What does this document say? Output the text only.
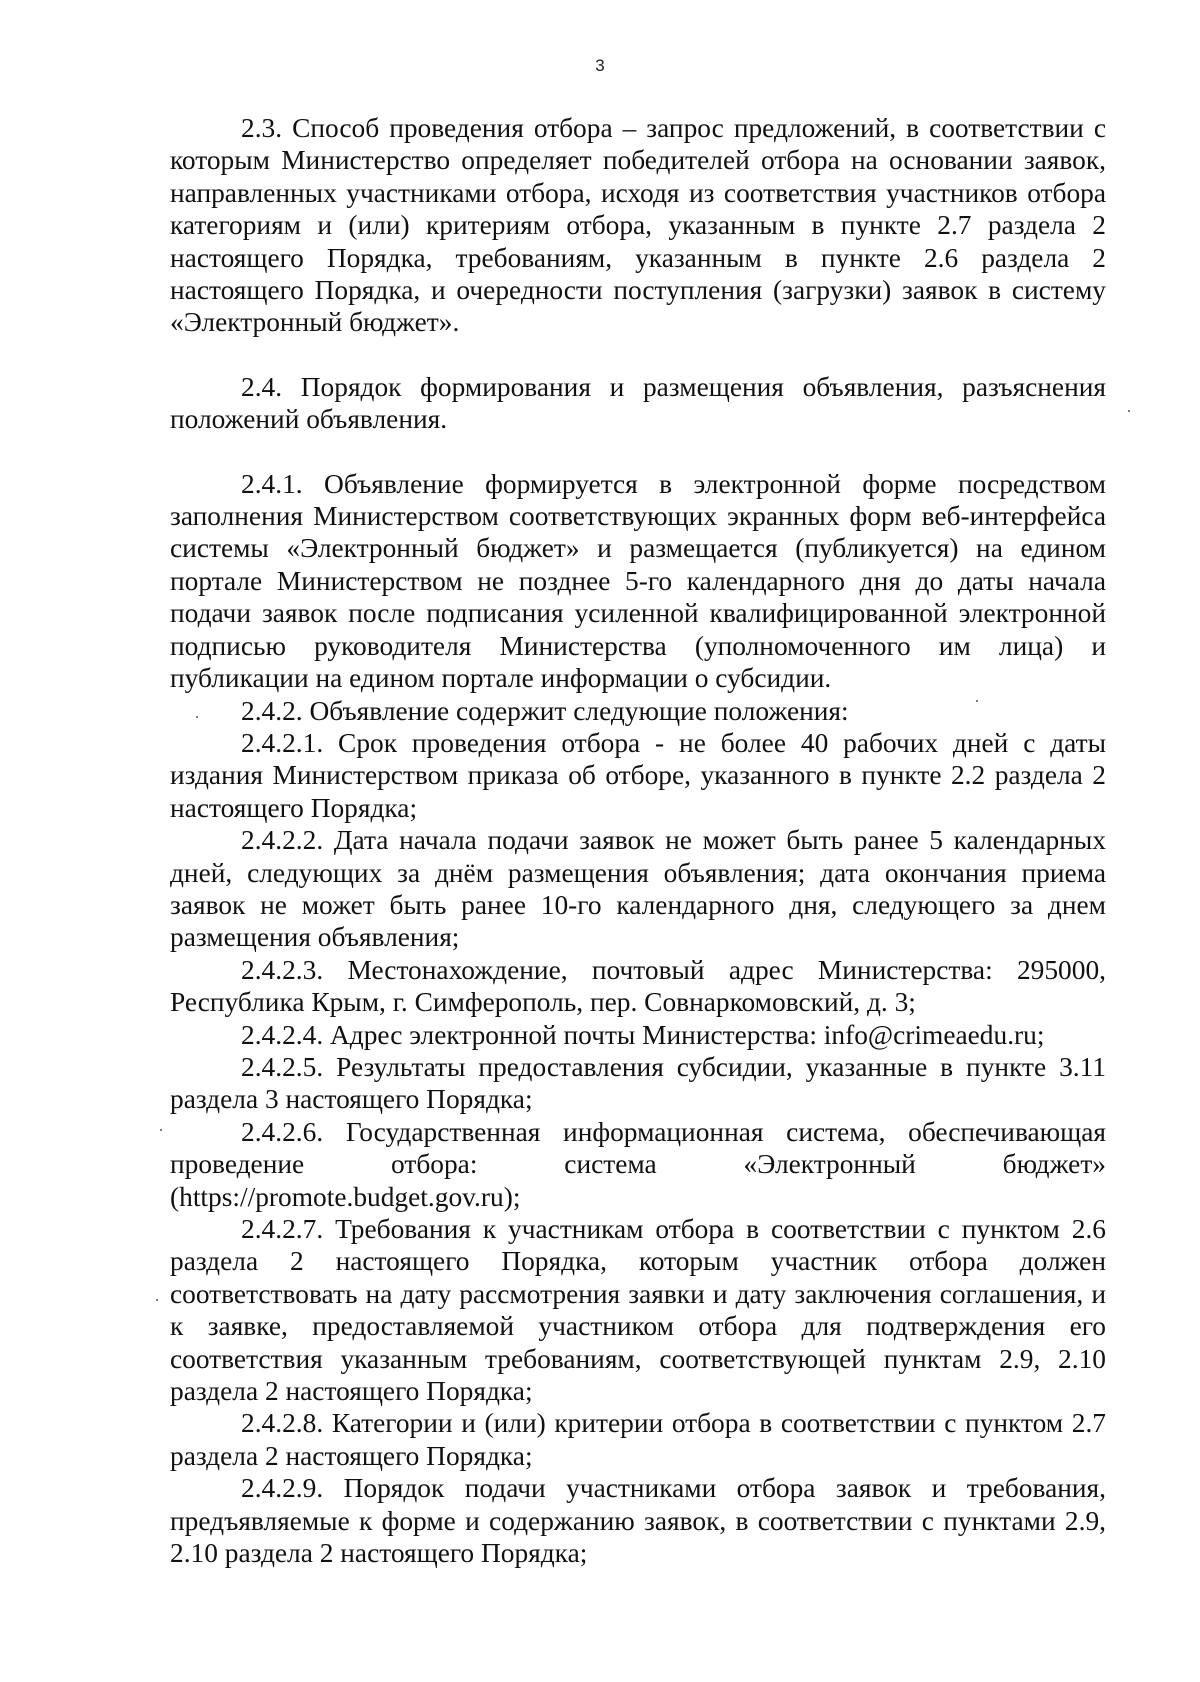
3

2.3. Способ проведения отбора – запрос предложений, в соответствии с которым Министерство определяет победителей отбора на основании заявок, направленных участниками отбора, исходя из соответствия участников отбора категориям и (или) критериям отбора, указанным в пункте 2.7 раздела 2 настоящего Порядка, требованиям, указанным в пункте 2.6 раздела 2 настоящего Порядка, и очередности поступления (загрузки) заявок в систему «Электронный бюджет».

2.4. Порядок формирования и размещения объявления, разъяснения положений объявления.

2.4.1. Объявление формируется в электронной форме посредством заполнения Министерством соответствующих экранных форм веб-интерфейса системы «Электронный бюджет» и размещается (публикуется) на едином портале Министерством не позднее 5-го календарного дня до даты начала подачи заявок после подписания усиленной квалифицированной электронной подписью руководителя Министерства (уполномоченного им лица) и публикации на едином портале информации о субсидии.

2.4.2. Объявление содержит следующие положения:

2.4.2.1. Срок проведения отбора - не более 40 рабочих дней с даты издания Министерством приказа об отборе, указанного в пункте 2.2 раздела 2 настоящего Порядка;

2.4.2.2. Дата начала подачи заявок не может быть ранее 5 календарных дней, следующих за днём размещения объявления; дата окончания приема заявок не может быть ранее 10-го календарного дня, следующего за днем размещения объявления;

2.4.2.3. Местонахождение, почтовый адрес Министерства: 295000, Республика Крым, г. Симферополь, пер. Совнаркомовский, д. 3;

2.4.2.4. Адрес электронной почты Министерства: info@crimeaedu.ru;

2.4.2.5. Результаты предоставления субсидии, указанные в пункте 3.11 раздела 3 настоящего Порядка;

2.4.2.6. Государственная информационная система, обеспечивающая проведение отбора: система «Электронный бюджет» (https://promote.budget.gov.ru);

2.4.2.7. Требования к участникам отбора в соответствии с пунктом 2.6 раздела 2 настоящего Порядка, которым участник отбора должен соответствовать на дату рассмотрения заявки и дату заключения соглашения, и к заявке, предоставляемой участником отбора для подтверждения его соответствия указанным требованиям, соответствующей пунктам 2.9, 2.10 раздела 2 настоящего Порядка;

2.4.2.8. Категории и (или) критерии отбора в соответствии с пунктом 2.7 раздела 2 настоящего Порядка;

2.4.2.9. Порядок подачи участниками отбора заявок и требования, предъявляемые к форме и содержанию заявок, в соответствии с пунктами 2.9, 2.10 раздела 2 настоящего Порядка;
